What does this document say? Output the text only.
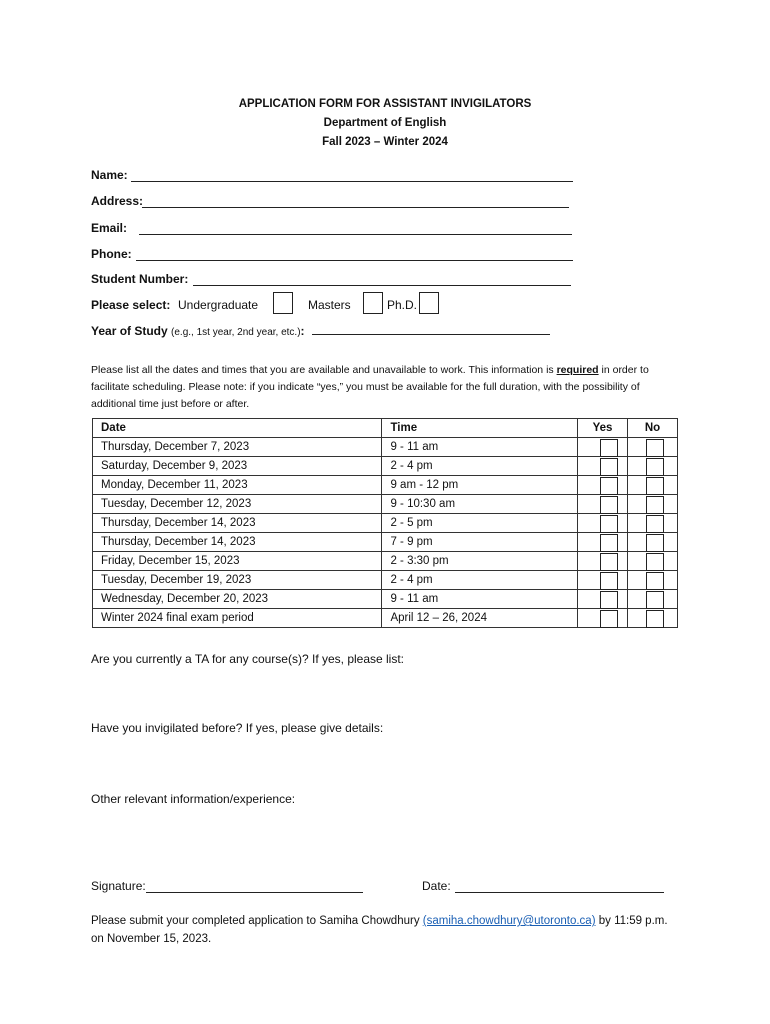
APPLICATION FORM FOR ASSISTANT INVIGILATORS
Department of English
Fall 2023 – Winter 2024
Name:
Address:
Email:
Phone:
Student Number:
Please select: Undergraduate	Masters	Ph.D.
Year of Study (e.g., 1st year, 2nd year, etc.):
Please list all the dates and times that you are available and unavailable to work. This information is required in order to facilitate scheduling. Please note: if you indicate “yes,” you must be available for the full duration, with the possibility of additional time just before or after.
Date	Time	Yes	No
Thursday, December 7, 2023	9 - 11 am	

Saturday, December 9, 2023	2 - 4 pm	

Monday, December 11, 2023	9 am - 12 pm	

Tuesday, December 12, 2023	9 - 10:30 am	

Thursday, December 14, 2023	2 - 5 pm	

Thursday, December 14, 2023	7 - 9 pm	

Friday, December 15, 2023	2 - 3:30 pm	

Tuesday, December 19, 2023	2 - 4 pm	

Wednesday, December 20, 2023	9 - 11 am	

Winter 2024 final exam period	April 12 – 26, 2024	

Are you currently a TA for any course(s)? If yes, please list:
Have you invigilated before? If yes, please give details:
Other relevant information/experience:
Signature:	Date:
Please submit your completed application to Samiha Chowdhury (samiha.chowdhury@utoronto.ca) by 11:59 p.m. on November 15, 2023.
